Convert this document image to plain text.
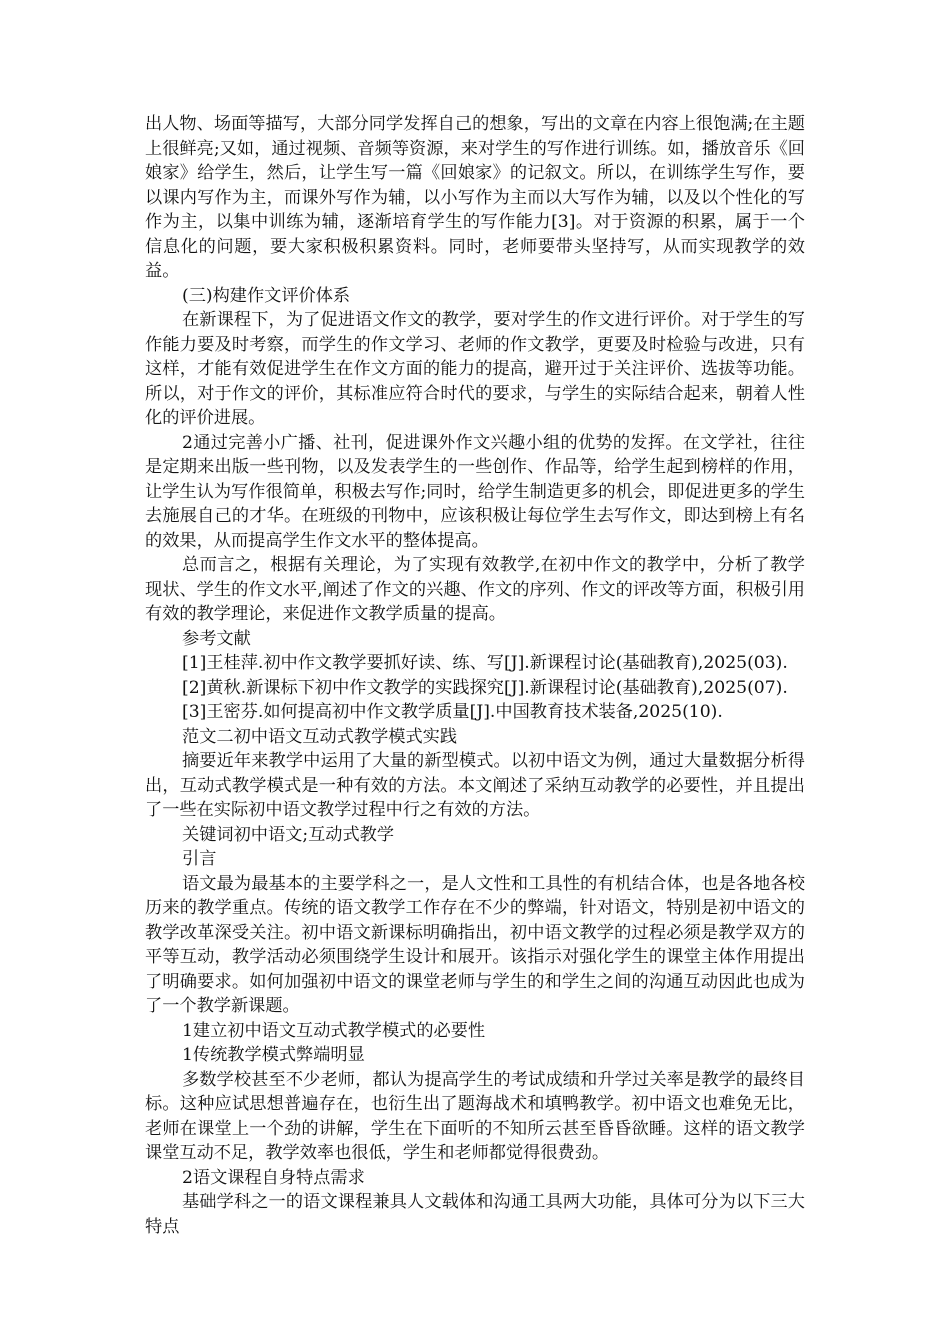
出人物、场面等描写，大部分同学发挥自己的想象，写出的文章在内容上很饱满;在主题上很鲜亮;又如，通过视频、音频等资源，来对学生的写作进行训练。如，播放音乐《回娘家》给学生，然后，让学生写一篇《回娘家》的记叙文。所以，在训练学生写作，要以课内写作为主，而课外写作为辅，以小写作为主而以大写作为辅，以及以个性化的写作为主，以集中训练为辅，逐渐培育学生的写作能力[3]。对于资源的积累，属于一个信息化的问题，要大家积极积累资料。同时，老师要带头坚持写，从而实现教学的效益。

(三)构建作文评价体系

在新课程下，为了促进语文作文的教学，要对学生的作文进行评价。对于学生的写作能力要及时考察，而学生的作文学习、老师的作文教学，更要及时检验与改进，只有这样，才能有效促进学生在作文方面的能力的提高，避开过于关注评价、选拔等功能。所以，对于作文的评价，其标准应符合时代的要求，与学生的实际结合起来，朝着人性化的评价进展。

2通过完善小广播、社刊，促进课外作文兴趣小组的优势的发挥。在文学社，往往是定期来出版一些刊物，以及发表学生的一些创作、作品等，给学生起到榜样的作用，让学生认为写作很简单，积极去写作;同时，给学生制造更多的机会，即促进更多的学生去施展自己的才华。在班级的刊物中，应该积极让每位学生去写作文，即达到榜上有名的效果，从而提高学生作文水平的整体提高。

总而言之，根据有关理论，为了实现有效教学,在初中作文的教学中，分析了教学现状、学生的作文水平,阐述了作文的兴趣、作文的序列、作文的评改等方面，积极引用有效的教学理论，来促进作文教学质量的提高。

参考文献

[1]王桂萍.初中作文教学要抓好读、练、写[J].新课程讨论(基础教育),2025(03).

[2]黄秋.新课标下初中作文教学的实践探究[J].新课程讨论(基础教育),2025(07).

[3]王密芬.如何提高初中作文教学质量[J].中国教育技术装备,2025(10).

范文二初中语文互动式教学模式实践

摘要近年来教学中运用了大量的新型模式。以初中语文为例，通过大量数据分析得出，互动式教学模式是一种有效的方法。本文阐述了采纳互动教学的必要性，并且提出了一些在实际初中语文教学过程中行之有效的方法。

关键词初中语文;互动式教学

引言

语文最为最基本的主要学科之一，是人文性和工具性的有机结合体，也是各地各校历来的教学重点。传统的语文教学工作存在不少的弊端，针对语文，特别是初中语文的教学改革深受关注。初中语文新课标明确指出，初中语文教学的过程必须是教学双方的平等互动，教学活动必须围绕学生设计和展开。该指示对强化学生的课堂主体作用提出了明确要求。如何加强初中语文的课堂老师与学生的和学生之间的沟通互动因此也成为了一个教学新课题。

1建立初中语文互动式教学模式的必要性

1传统教学模式弊端明显

多数学校甚至不少老师，都认为提高学生的考试成绩和升学过关率是教学的最终目标。这种应试思想普遍存在，也衍生出了题海战术和填鸭教学。初中语文也难免无比，老师在课堂上一个劲的讲解，学生在下面听的不知所云甚至昏昏欲睡。这样的语文教学课堂互动不足，教学效率也很低，学生和老师都觉得很费劲。

2语文课程自身特点需求

基础学科之一的语文课程兼具人文载体和沟通工具两大功能，具体可分为以下三大特点
